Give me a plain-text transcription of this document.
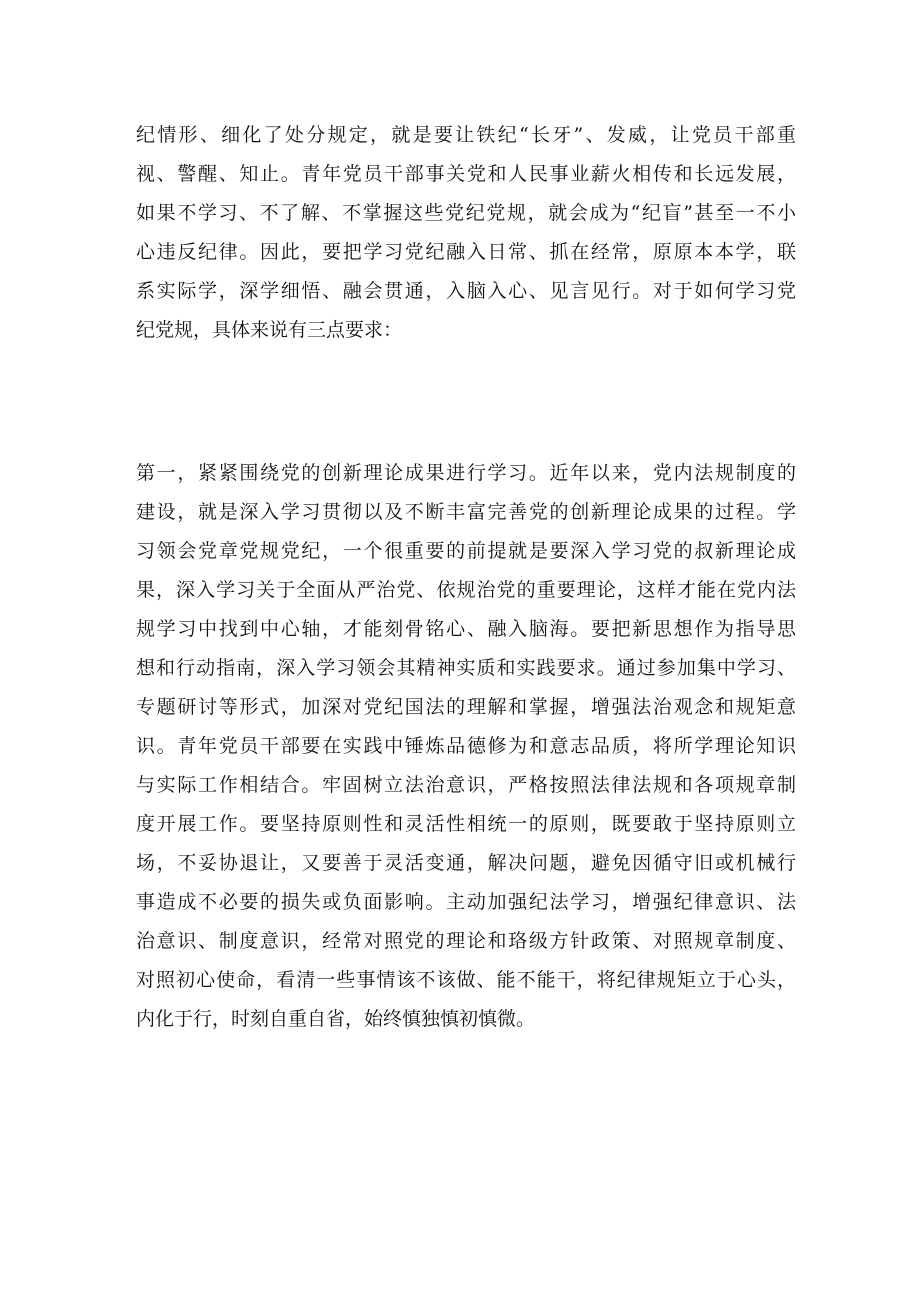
纪情形、细化了处分规定，就是要让铁纪“长牙”、发威，让党员干部重
视、警醒、知止。青年党员干部事关党和人民事业薪火相传和长远发展，
如果不学习、不了解、不掌握这些党纪党规，就会成为“纪盲”甚至一不小
心违反纪律。因此，要把学习党纪融入日常、抓在经常，原原本本学，联
系实际学，深学细悟、融会贯通，入脑入心、见言见行。对于如何学习党
纪党规，具体来说有三点要求：
第一，紧紧围绕党的创新理论成果进行学习。近年以来，党内法规制度的
建设，就是深入学习贯彻以及不断丰富完善党的创新理论成果的过程。学
习领会党章党规党纪，一个很重要的前提就是要深入学习党的叔新理论成
果，深入学习关于全面从严治党、依规治党的重要理论，这样才能在党内法
规学习中找到中心轴，才能刻骨铭心、融入脑海。要把新思想作为指导思
想和行动指南，深入学习领会其精神实质和实践要求。通过参加集中学习、
专题研讨等形式，加深对党纪国法的理解和掌握，增强法治观念和规矩意
识。青年党员干部要在实践中锤炼品德修为和意志品质，将所学理论知识
与实际工作相结合。牢固树立法治意识，严格按照法律法规和各项规章制
度开展工作。要坚持原则性和灵活性相统一的原则，既要敢于坚持原则立
场，不妥协退让，又要善于灵活变通，解决问题，避免因循守旧或机械行
事造成不必要的损失或负面影响。主动加强纪法学习，增强纪律意识、法
治意识、制度意识，经常对照党的理论和珞级方针政策、对照规章制度、
对照初心使命，看清一些事情该不该做、能不能干，将纪律规矩立于心头，
内化于行，时刻自重自省，始终慎独慎初慎微。
